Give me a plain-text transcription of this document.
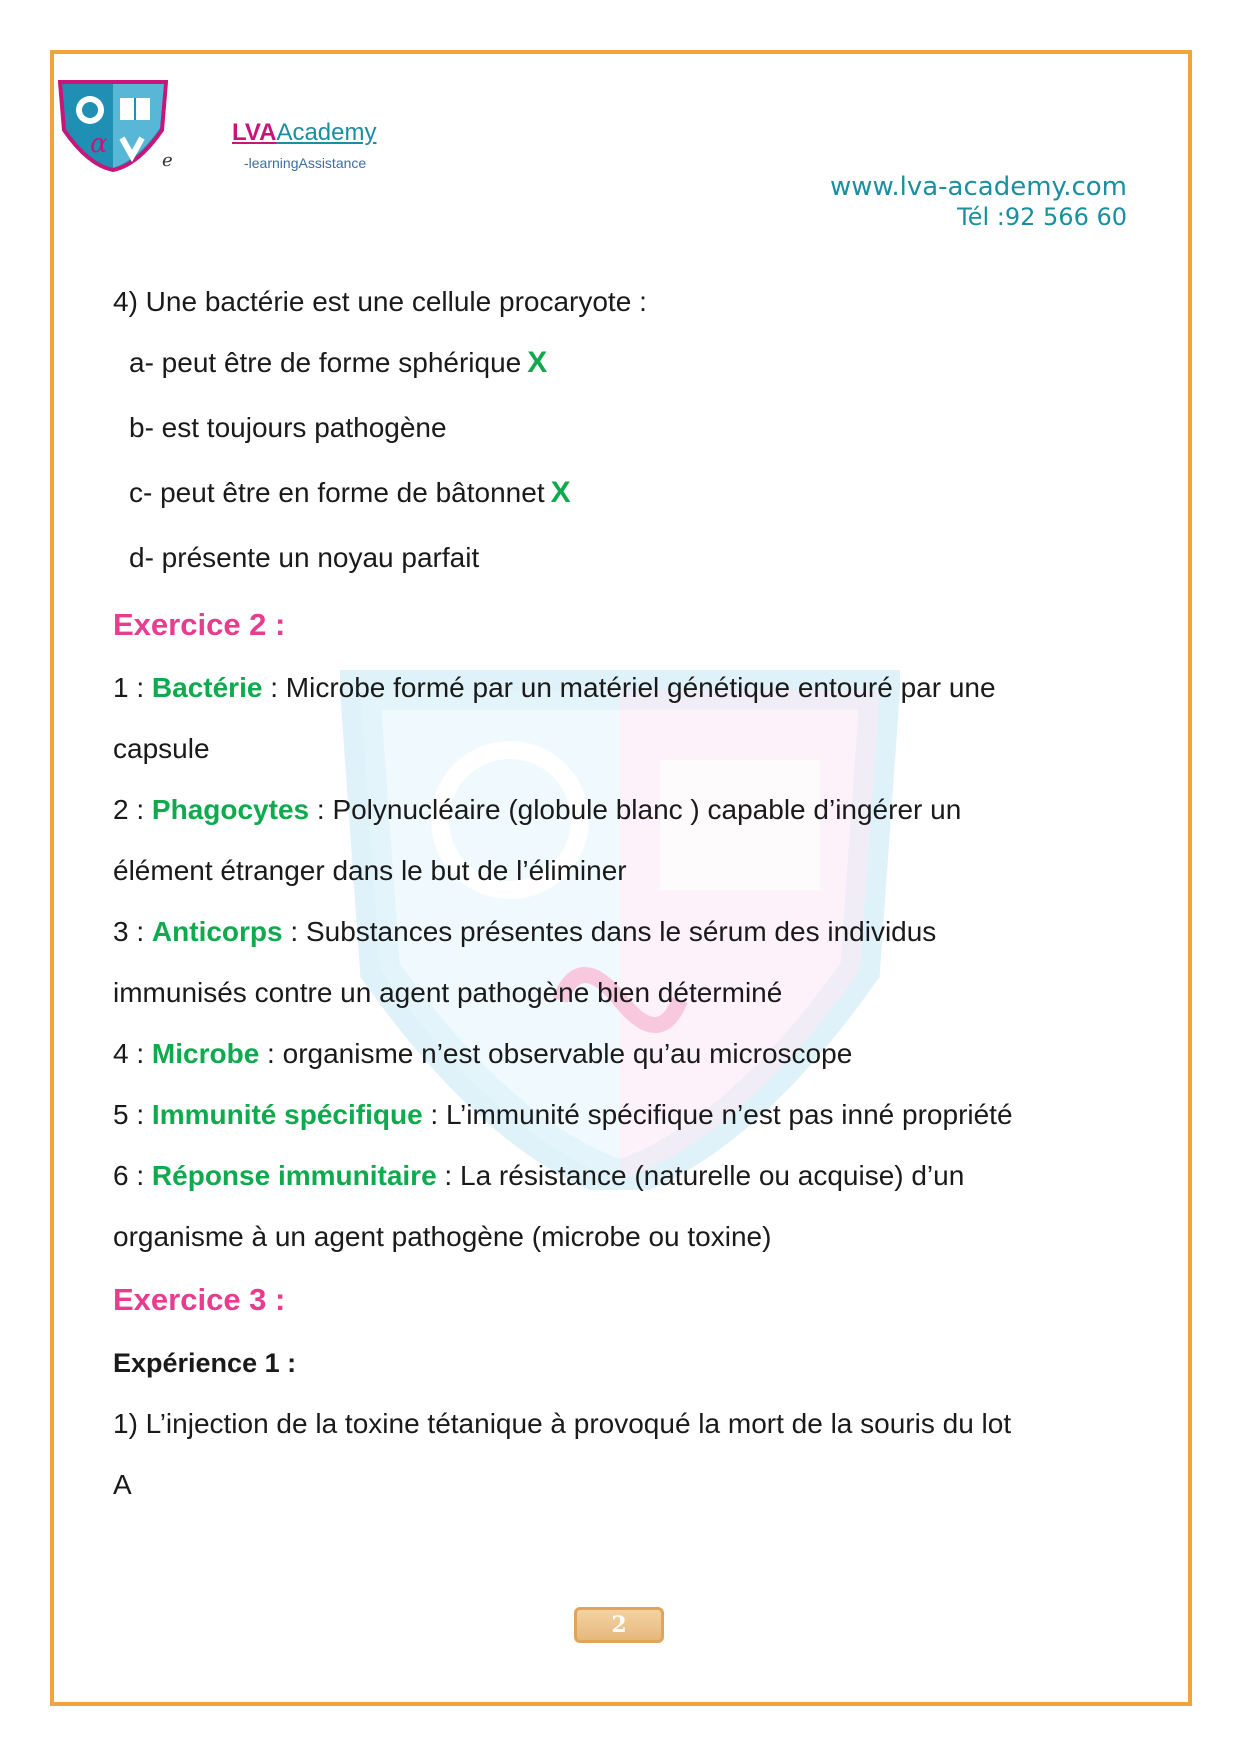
α
e
LVAAcademy
-learningAssistance
www.lva-academy.com
Tél :92 566 60
4) Une bactérie est une cellule procaryote :
a- peut être de forme sphérique X
b- est toujours pathogène
c- peut être en forme de bâtonnet X
d- présente un noyau parfait
Exercice 2 :
1 : Bactérie : Microbe formé par un matériel génétique entouré par une
capsule
2 : Phagocytes : Polynucléaire (globule blanc ) capable d’ingérer un
élément étranger dans le but de l’éliminer
3 : Anticorps : Substances présentes dans le sérum des individus
immunisés contre un agent pathogène bien déterminé
4 : Microbe : organisme n’est observable qu’au microscope
5 : Immunité spécifique : L’immunité spécifique n’est pas inné propriété
6 : Réponse immunitaire : La résistance (naturelle ou acquise) d’un
organisme à un agent pathogène (microbe ou toxine)
Exercice 3 :
Expérience 1 :
1) L’injection de la toxine tétanique à provoqué la mort de la souris du lot
A
2
